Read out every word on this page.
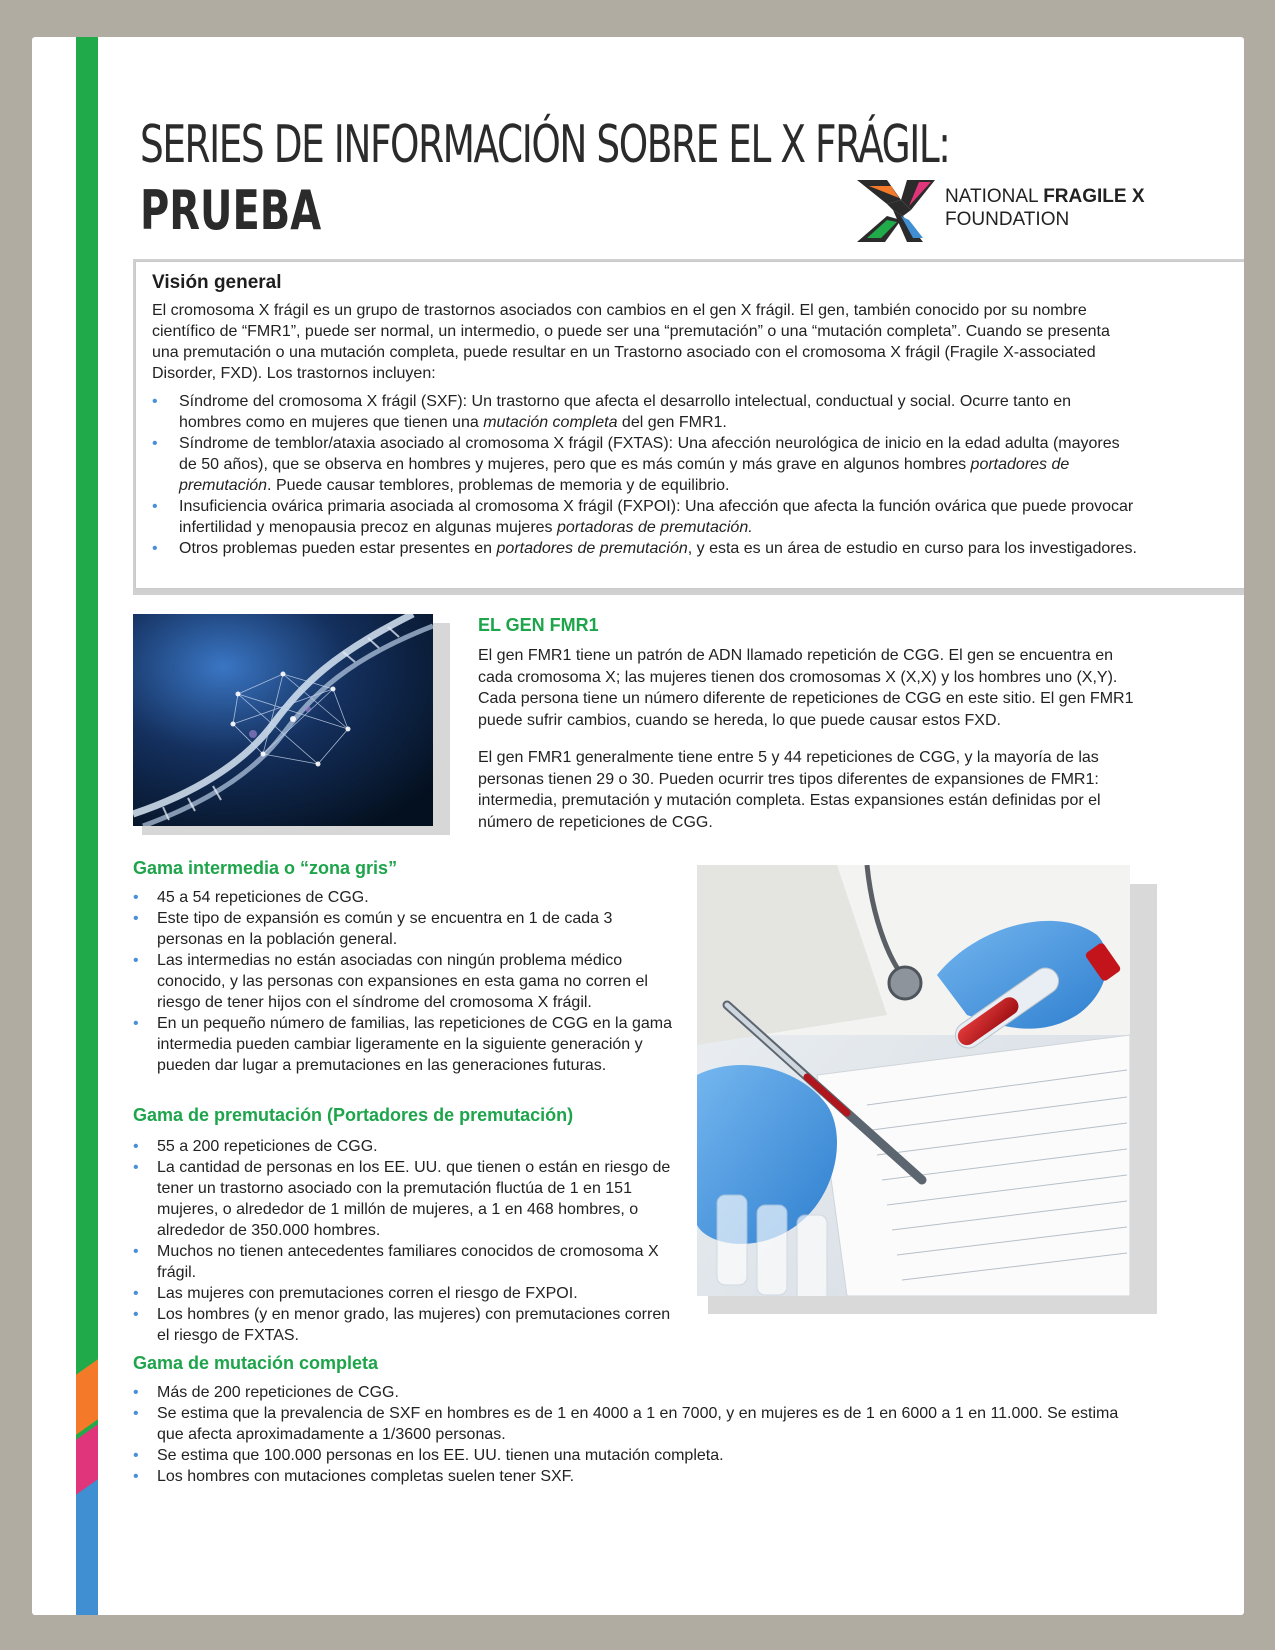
SERIES DE INFORMACIÓN SOBRE EL X FRÁGIL:
PRUEBA	NATIONAL FRAGILE X
FOUNDATION
Visión general
El cromosoma X frágil es un grupo de trastornos asociados con cambios en el gen X frágil. El gen, también conocido por su nombre científico de “FMR1”, puede ser normal, un intermedio, o puede ser una “premutación” o una “mutación completa”. Cuando se presenta una premutación o una mutación completa, puede resultar en un Trastorno asociado con el cromosoma X frágil (Fragile X-associated Disorder, FXD). Los trastornos incluyen:
• Síndrome del cromosoma X frágil (SXF): Un trastorno que afecta el desarrollo intelectual, conductual y social. Ocurre tanto en hombres como en mujeres que tienen una mutación completa del gen FMR1.
• Síndrome de temblor/ataxia asociado al cromosoma X frágil (FXTAS): Una afección neurológica de inicio en la edad adulta (mayores de 50 años), que se observa en hombres y mujeres, pero que es más común y más grave en algunos hombres portadores de premutación. Puede causar temblores, problemas de memoria y de equilibrio.
• Insuficiencia ovárica primaria asociada al cromosoma X frágil (FXPOI): Una afección que afecta la función ovárica que puede provocar infertilidad y menopausia precoz en algunas mujeres portadoras de premutación.
• Otros problemas pueden estar presentes en portadores de premutación, y esta es un área de estudio en curso para los investigadores.
EL GEN FMR1

El gen FMR1 tiene un patrón de ADN llamado repetición de CGG. El gen se encuentra en cada cromosoma X; las mujeres tienen dos cromosomas X (X,X) y los hombres uno (X,Y). Cada persona tiene un número diferente de repeticiones de CGG en este sitio. El gen FMR1 puede sufrir cambios, cuando se hereda, lo que puede causar estos FXD.

El gen FMR1 generalmente tiene entre 5 y 44 repeticiones de CGG, y la mayoría de las personas tienen 29 o 30. Pueden ocurrir tres tipos diferentes de expansiones de FMR1: intermedia, premutación y mutación completa. Estas expansiones están definidas por el número de repeticiones de CGG.

Gama intermedia o “zona gris”
• 45 a 54 repeticiones de CGG.
• Este tipo de expansión es común y se encuentra en 1 de cada 3 personas en la población general.
• Las intermedias no están asociadas con ningún problema médico conocido, y las personas con expansiones en esta gama no corren el riesgo de tener hijos con el síndrome del cromosoma X frágil.
• En un pequeño número de familias, las repeticiones de CGG en la gama intermedia pueden cambiar ligeramente en la siguiente generación y pueden dar lugar a premutaciones en las generaciones futuras.
Gama de premutación (Portadores de premutación)
• 55 a 200 repeticiones de CGG.
• La cantidad de personas en los EE. UU. que tienen o están en riesgo de tener un trastorno asociado con la premutación fluctúa de 1 en 151 mujeres, o alrededor de 1 millón de mujeres, a 1 en 468 hombres, o alrededor de 350.000 hombres.
• Muchos no tienen antecedentes familiares conocidos de cromosoma X frágil.
• Las mujeres con premutaciones corren el riesgo de FXPOI.
• Los hombres (y en menor grado, las mujeres) con premutaciones corren el riesgo de FXTAS.
Gama de mutación completa
• Más de 200 repeticiones de CGG.
• Se estima que la prevalencia de SXF en hombres es de 1 en 4000 a 1 en 7000, y en mujeres es de 1 en 6000 a 1 en 11.000. Se estima que afecta aproximadamente a 1/3600 personas.
• Se estima que 100.000 personas en los EE. UU. tienen una mutación completa.
• Los hombres con mutaciones completas suelen tener SXF.
